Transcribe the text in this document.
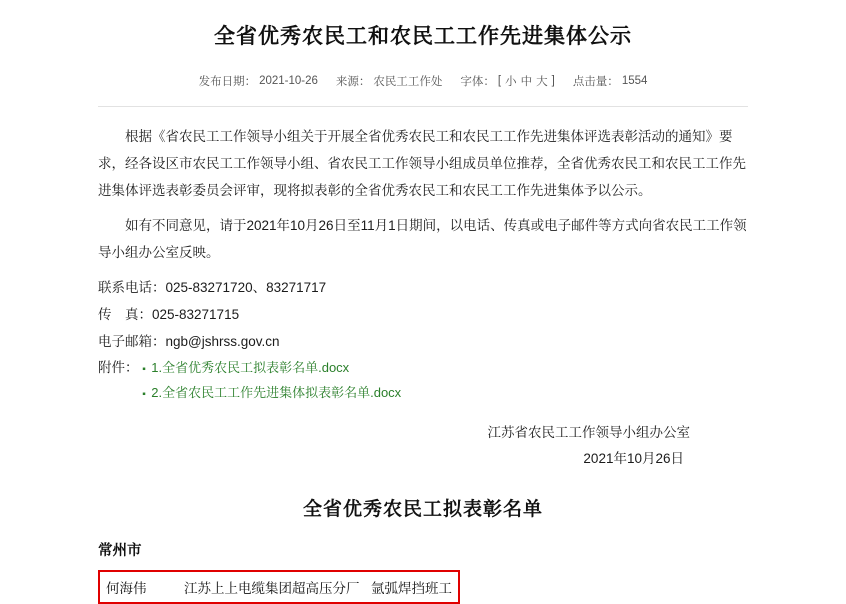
全省优秀农民工和农民工工作先进集体公示
发布日期： 2021-10-26 来源： 农民工工作处 字体： [ 小 中 大 ] 点击量： 1554

根据《省农民工工作领导小组关于开展全省优秀农民工和农民工工作先进集体评选表彰活动的通知》要求，经各设区市农民工工作领导小组、省农民工工作领导小组成员单位推荐，全省优秀农民工和农民工工作先进集体评选表彰委员会评审，现将拟表彰的全省优秀农民工和农民工工作先进集体予以公示。

如有不同意见，请于2021年10月26日至11月1日期间，以电话、传真或电子邮件等方式向省农民工工作领导小组办公室反映。

联系电话：025-83271720、83271717

传　真：025-83271715

电子邮箱：ngb@jshrss.gov.cn

附件： ▪ 1.全省优秀农民工拟表彰名单.docx
▪ 2.全省农民工工作先进集体拟表彰名单.docx
江苏省农民工工作领导小组办公室
2021年10月26日
全省优秀农民工拟表彰名单
常州市
何海伟	江苏上上电缆集团超高压分厂 氩弧焊挡班工
